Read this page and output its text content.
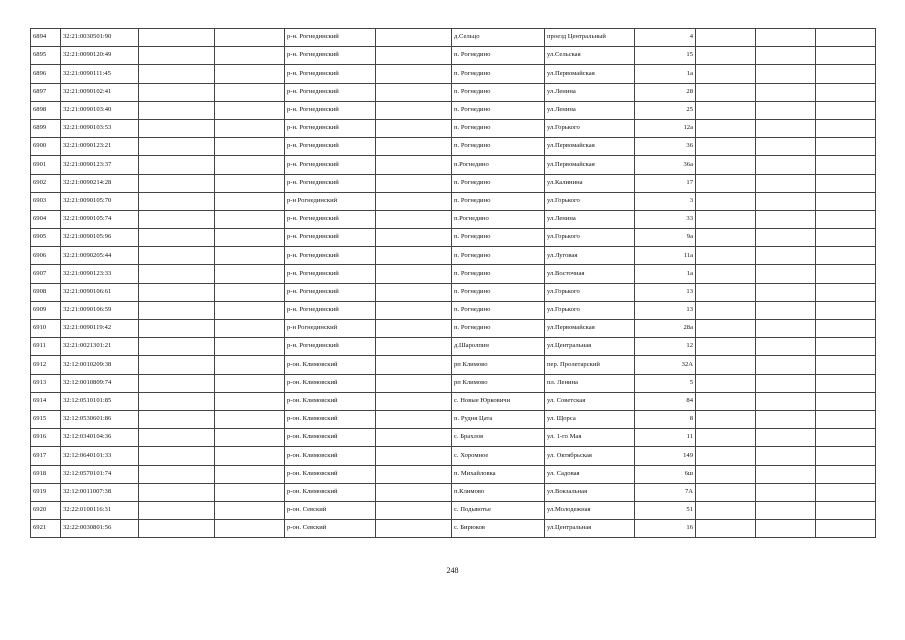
6894	32:21:0030501:90			р-н. Рогнединский		д.Сельцо	проезд Центральный	4			
6895	32:21:0090120:49			р-н. Рогнединский		п. Рогнедино	ул.Сельская	15			
6896	32:21:0090111:45			р-н. Рогнединский		п. Рогнедино	ул.Первомайская	1а			
6897	32:21:0090102:41			р-н. Рогнединский		п. Рогнедино	ул.Ленина	28			
6898	32:21:0090103:40			р-н. Рогнединский		п. Рогнедино	ул.Ленина	25			
6899	32:21:0090103:53			р-н. Рогнединский		п. Рогнедино	ул.Горького	12а			
6900	32:21:0090123:21			р-н. Рогнединский		п. Рогнедино	ул.Первомайская	36			
6901	32:21:0090123:37			р-н. Рогнединский		п.Рогнедино	ул.Первомайская	36а			
6902	32:21:0090214:28			р-н. Рогнединский		п. Рогнедино	ул.Калинина	17			
6903	32:21:0090105:70			р-н Рогнединский		п. Рогнедино	ул.Горького	3			
6904	32:21:0090105:74			р-н. Рогнединский		п.Рогнедино	ул.Ленина	33			
6905	32:21:0090105:96			р-н. Рогнединский		п. Рогнедино	ул.Горького	9а			
6906	32:21:0090205:44			р-н. Рогнединский		п. Рогнедино	ул.Луговая	11а			
6907	32:21:0090123:33			р-н. Рогнединский		п. Рогнедино	ул.Восточная	1а			
6908	32:21:0090106:61			р-н. Рогнединский		п. Рогнедино	ул.Горького	13			
6909	32:21:0090106:59			р-н. Рогнединский		п. Рогнедино	ул.Горького	13			
6910	32:21:0090119:42			р-н Рогнединский		п. Рогнедино	ул.Первомайская	28а			
6911	32:21:0021301:21			р-н. Рогнединский		д.Шаролпин	ул.Центральная	12			
6912	32:12:0010209:38			р-он. Климовский		рп Климово	пер. Пролетарский	32А			
6913	32:12:0010809:74			р-он. Климовский		рп Климово	пл. Ленина	5			
6914	32:12:0510101:85			р-он. Климовский		с. Новые Юрковичи	ул. Советская	84			
6915	32:12:0530601:86			р-он. Климовский		п. Рудня Цата	ул. Щорса	8			
6916	32:12:0340104:36			р-он. Климовский		с. Брахлов	ул. 1-го Мая	11			
6917	32:12:0640101:33			р-он. Климовский		с. Хоромное	ул. Октябрьская	149			
6918	32:12:0570101:74			р-он. Климовский		п. Михайловка	ул. Садовая	6ш			
6919	32:12:0011007:38			р-он. Климовский		п.Климово	ул.Вокзальная	7А			
6920	32:22:0100116:31			р-он. Севский		с. Подывотье	ул.Молодежная	51			
6921	32:22:0030801:56			р-он. Севский		с. Бирюков	ул.Центральная	16			
248
